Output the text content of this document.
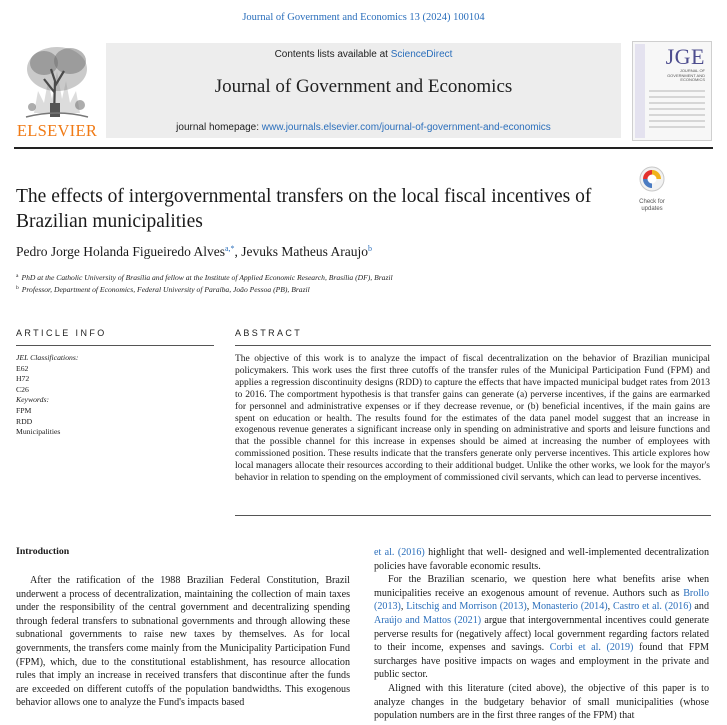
Journal of Government and Economics 13 (2024) 100104
ELSEVIER
Contents lists available at ScienceDirect
Journal of Government and Economics
journal homepage: www.journals.elsevier.com/journal-of-government-and-economics
JGE
JOURNAL OF GOVERNMENT AND ECONOMICS
The effects of intergovernmental transfers on the local fiscal incentives of
Brazilian municipalities
Check for
updates
Pedro Jorge Holanda Figueiredo Alves$^{a,*}$, Jevuks Matheus Araujo$^b$
$^a$ PhD at the Catholic University of Brasília and fellow at the Institute of Applied Economic Research, Brasília (DF), Brazil
$^b$ Professor, Department of Economics, Federal University of Paraíba, João Pessoa (PB), Brazil
ARTICLE INFO	ABSTRACT
JEL Classifications:
E62
H72
C26
Keywords:
FPM
RDD
Municipalities
The objective of this work is to analyze the impact of fiscal decentralization on the behavior of Brazilian municipal policymakers. This work uses the first three cutoffs of the transfer rules of the Municipal Participation Fund (FPM) and applies a regression discontinuity designs (RDD) to capture the effects that have impacted municipal budget rates from 2013 to 2016. The comportment hypothesis is that transfer gains can generate (a) perverse incentives, if the gains are earmarked for personnel and administrative expenses or if they decrease revenue, or (b) beneficial incentives, if the main gains are spent on education or health. The results found for the estimates of the data panel model suggest that an increase in exogenous revenue generates a significant increase only in spending on administrative and sports and leisure functions and that the possible channel for this increase in expenses should be aimed at increasing the number of employees with commissioned position. These results indicate that the transfers generate only perverse incentives. This article explores how local managers allocate their resources according to their additional budget. Unlike the other works, we look for the mayor's behavior in relation to spending on the employment of commissioned civil servants, which can lead to perverse incentives.
Introduction

After the ratification of the 1988 Brazilian Federal Constitution, Brazil underwent a process of decentralization, maintaining the collection of main taxes under the responsibility of the central government and decentralizing spending through federal transfers to subnational governments and through allowing these subnational governments to raise new taxes by themselves. As for local governments, the transfers come mainly from the Municipality Participation Fund (FPM), which, due to the constitutional establishment, has resource allocation rules that imply an increase in received transfers that discontinue after the funds are exceeded on different cutoffs of the population bandwidths. This exogenous behavior allows one to analyze the Fund's impacts based

et al. (2016) highlight that well- designed and well-implemented decentralization policies have favorable economic results.

For the Brazilian scenario, we question here what benefits arise when municipalities receive an exogenous amount of revenue. Authors such as Brollo (2013), Litschig and Morrison (2013), Monasterio (2014), Castro et al. (2016) and Araújo and Mattos (2021) argue that intergovernmental incentives could generate perverse results for (negatively affect) local government regarding factors related to their income, expenses and savings. Corbi et al. (2019) found that FPM surcharges have positive impacts on wages and employment in the private and public sector.

Aligned with this literature (cited above), the objective of this paper is to analyze changes in the budgetary behavior of small municipalities (whose population numbers are in the first three ranges of the FPM) that
